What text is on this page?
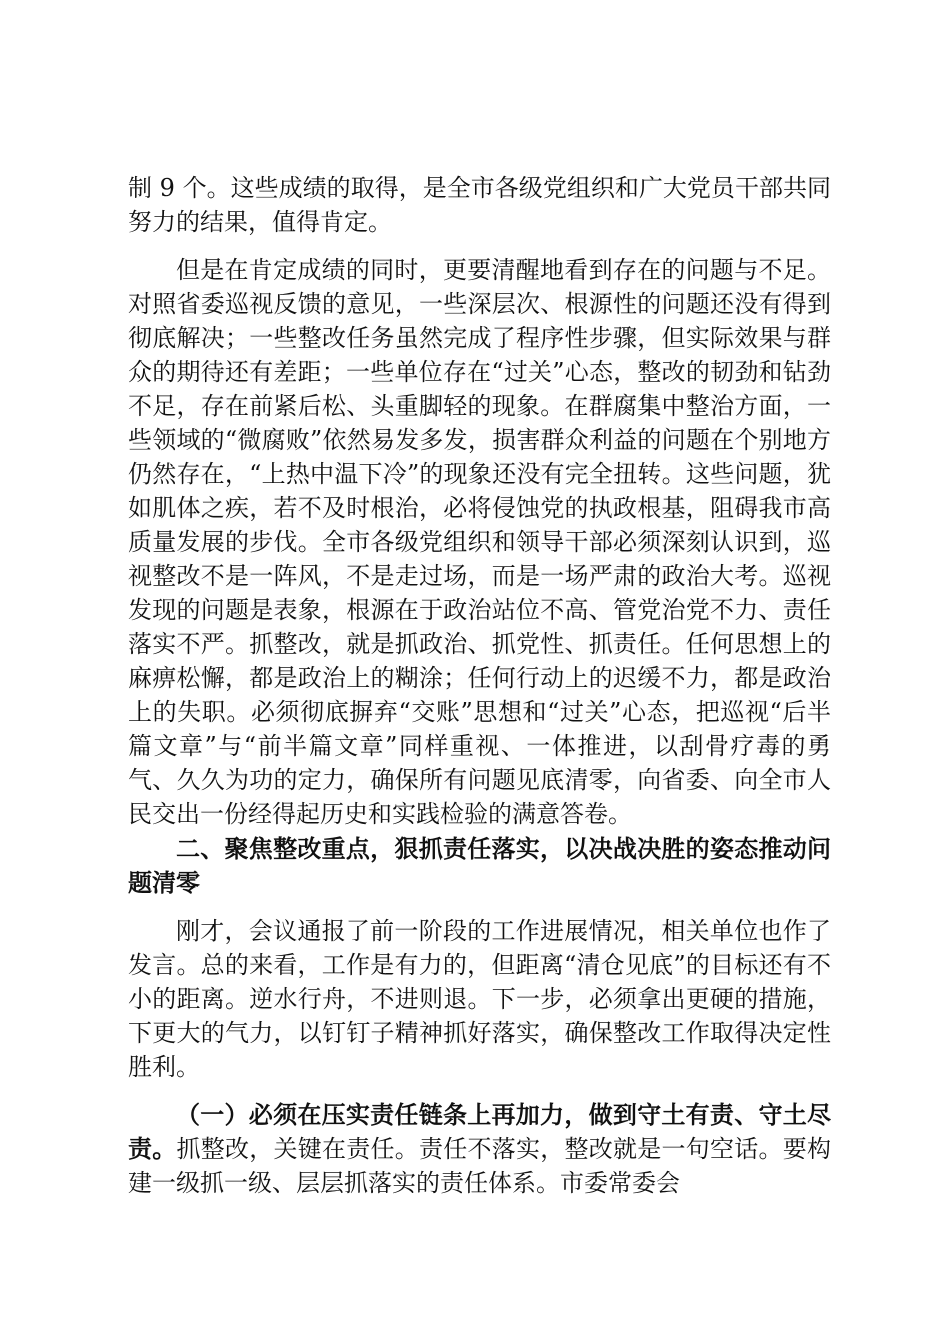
制 9 个。这些成绩的取得，是全市各级党组织和广大党员干部共同努力的结果，值得肯定。

但是在肯定成绩的同时，更要清醒地看到存在的问题与不足。对照省委巡视反馈的意见，一些深层次、根源性的问题还没有得到彻底解决；一些整改任务虽然完成了程序性步骤，但实际效果与群众的期待还有差距；一些单位存在“过关”心态，整改的韧劲和钻劲不足，存在前紧后松、头重脚轻的现象。在群腐集中整治方面，一些领域的“微腐败”依然易发多发，损害群众利益的问题在个别地方仍然存在，“上热中温下冷”的现象还没有完全扭转。这些问题，犹如肌体之疾，若不及时根治，必将侵蚀党的执政根基，阻碍我市高质量发展的步伐。全市各级党组织和领导干部必须深刻认识到，巡视整改不是一阵风，不是走过场，而是一场严肃的政治大考。巡视发现的问题是表象，根源在于政治站位不高、管党治党不力、责任落实不严。抓整改，就是抓政治、抓党性、抓责任。任何思想上的麻痹松懈，都是政治上的糊涂；任何行动上的迟缓不力，都是政治上的失职。必须彻底摒弃“交账”思想和“过关”心态，把巡视“后半篇文章”与“前半篇文章”同样重视、一体推进，以刮骨疗毒的勇气、久久为功的定力，确保所有问题见底清零，向省委、向全市人民交出一份经得起历史和实践检验的满意答卷。

二、聚焦整改重点，狠抓责任落实，以决战决胜的姿态推动问题清零

刚才，会议通报了前一阶段的工作进展情况，相关单位也作了发言。总的来看，工作是有力的，但距离“清仓见底”的目标还有不小的距离。逆水行舟，不进则退。下一步，必须拿出更硬的措施，下更大的气力，以钉钉子精神抓好落实，确保整改工作取得决定性胜利。

（一）必须在压实责任链条上再加力，做到守土有责、守土尽责。抓整改，关键在责任。责任不落实，整改就是一句空话。要构建一级抓一级、层层抓落实的责任体系。市委常委会
